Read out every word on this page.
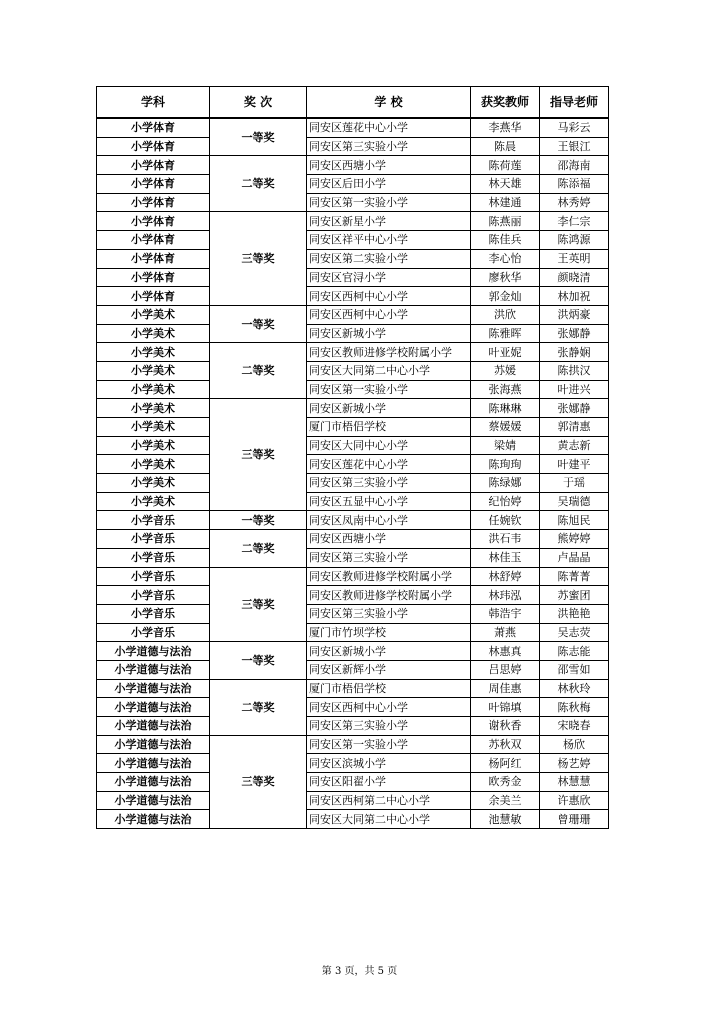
学科	奖 次	学 校	获奖教师	指导老师
小学体育	一等奖	同安区莲花中心小学	李燕华	马彩云
小学体育		同安区第三实验小学	陈晨	王银江
小学体育	二等奖	同安区西塘小学	陈荷莲	邵海南
小学体育		同安区后田小学	林天雄	陈添福
小学体育		同安区第一实验小学	林建通	林秀婷
小学体育	三等奖	同安区新星小学	陈燕丽	李仁宗
小学体育		同安区祥平中心小学	陈佳兵	陈鸿源
小学体育		同安区第二实验小学	李心怡	王英明
小学体育		同安区官浔小学	廖秋华	颜晓清
小学体育		同安区西柯中心小学	郭金灿	林加祝
小学美术	一等奖	同安区西柯中心小学	洪欣	洪炳豪
小学美术		同安区新城小学	陈雅晖	张娜静
小学美术	二等奖	同安区教师进修学校附属小学	叶亚妮	张静娴
小学美术		同安区大同第二中心小学	苏媛	陈拱汉
小学美术		同安区第一实验小学	张海燕	叶进兴
小学美术	三等奖	同安区新城小学	陈琳琳	张娜静
小学美术		厦门市梧侣学校	蔡媛媛	郭清惠
小学美术		同安区大同中心小学	梁婧	黄志新
小学美术		同安区莲花中心小学	陈珣珣	叶建平
小学美术		同安区第三实验小学	陈绿娜	于瑶
小学美术		同安区五显中心小学	纪怡婷	吴瑞德
小学音乐	一等奖	同安区凤南中心小学	任婉钦	陈旭民
小学音乐	二等奖	同安区西塘小学	洪石韦	熊婷婷
小学音乐		同安区第三实验小学	林佳玉	卢晶晶
小学音乐	三等奖	同安区教师进修学校附属小学	林舒婷	陈菁菁
小学音乐		同安区教师进修学校附属小学	林玮泓	苏蜜团
小学音乐		同安区第三实验小学	韩浩宇	洪艳艳
小学音乐		厦门市竹坝学校	萧燕	吴志荧
小学道德与法治	一等奖	同安区新城小学	林惠真	陈志能
小学道德与法治		同安区新辉小学	吕思婷	邵雪如
小学道德与法治	二等奖	厦门市梧侣学校	周佳惠	林秋玲
小学道德与法治		同安区西柯中心小学	叶锦填	陈秋梅
小学道德与法治		同安区第三实验小学	谢秋香	宋晓春
小学道德与法治	三等奖	同安区第一实验小学	苏秋双	杨欣
小学道德与法治		同安区滨城小学	杨阿红	杨艺婷
小学道德与法治		同安区阳翟小学	欧秀金	林慧慧
小学道德与法治		同安区西柯第二中心小学	余美兰	许惠欣
小学道德与法治		同安区大同第二中心小学	池慧敏	曾珊珊
第 3 页，共 5 页
